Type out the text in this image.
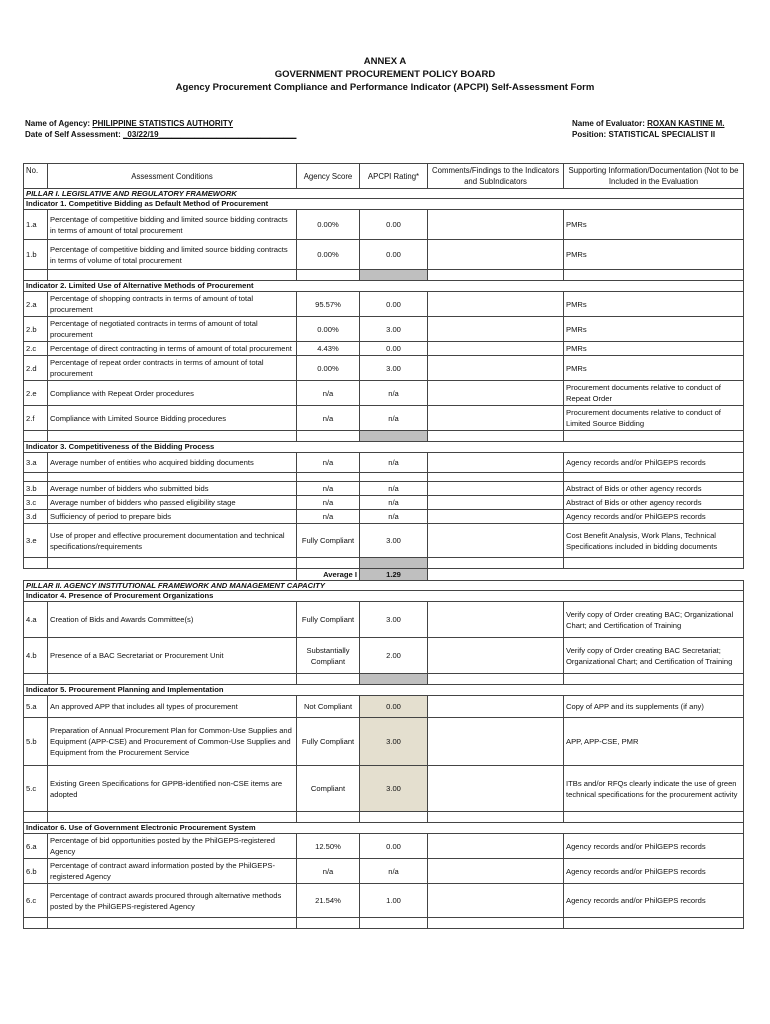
ANNEX A
GOVERNMENT PROCUREMENT POLICY BOARD
Agency Procurement Compliance and Performance Indicator (APCPI) Self-Assessment Form
Name of Agency: PHILIPPINE STATISTICS AUTHORITY
Date of Self Assessment: _03/22/19_______________________________
Name of Evaluator: ROXAN KASTINE M.
Position: STATISTICAL SPECIALIST II
No.	Assessment Conditions	Agency Score	APCPI Rating*	Comments/Findings to the Indicators and SubIndicators	Supporting Information/Documentation (Not to be Included in the Evaluation
PILLAR I. LEGISLATIVE AND REGULATORY FRAMEWORK					
Indicator 1. Competitive Bidding as Default Method of Procurement					
1.a	Percentage of competitive bidding and limited source bidding contracts in terms of amount of total procurement	0.00%	0.00		PMRs
1.b	Percentage of competitive bidding and limited source bidding contracts in terms of volume of total procurement	0.00%	0.00		PMRs

Indicator 2. Limited Use of Alternative Methods of Procurement					
2.a	Percentage of shopping contracts in terms of amount of total procurement	95.57%	0.00		PMRs
2.b	Percentage of negotiated contracts in terms of amount of total procurement	0.00%	3.00		PMRs
2.c	Percentage of direct contracting in terms of amount of total procurement	4.43%	0.00		PMRs
2.d	Percentage of repeat order contracts in terms of amount of total procurement	0.00%	3.00		PMRs
2.e	Compliance with Repeat Order procedures	n/a	n/a		Procurement documents relative to conduct of Repeat Order
2.f	Compliance with Limited Source Bidding procedures	n/a	n/a		Procurement documents relative to conduct of Limited Source Bidding

Indicator 3. Competitiveness of the Bidding Process					
3.a	Average number of entities who acquired bidding documents	n/a	n/a		Agency records and/or PhilGEPS records

3.b	Average number of bidders who submitted bids	n/a	n/a		Abstract of Bids or other agency records
3.c	Average number of bidders who passed eligibility stage	n/a	n/a		Abstract of Bids or other agency records
3.d	Sufficiency of period to prepare bids	n/a	n/a		Agency records and/or PhilGEPS records
3.e	Use of proper and effective procurement documentation and technical specifications/requirements	Fully Compliant	3.00		Cost Benefit Analysis, Work Plans, Technical Specifications included in bidding documents

		Average I	1.29		
PILLAR II. AGENCY INSTITUTIONAL FRAMEWORK AND MANAGEMENT CAPACITY					
Indicator 4. Presence of Procurement Organizations					
4.a	Creation of Bids and Awards Committee(s)	Fully Compliant	3.00		Verify copy of Order creating BAC; Organizational Chart; and Certification of Training
4.b	Presence of a BAC Secretariat or Procurement Unit	Substantially Compliant	2.00		Verify copy of Order creating BAC Secretariat; Organizational Chart; and Certification of Training

Indicator 5. Procurement Planning and Implementation					
5.a	An approved APP that includes all types of procurement	Not Compliant	0.00		Copy of APP and its supplements (if any)
5.b	Preparation of Annual Procurement Plan for Common-Use Supplies and Equipment (APP-CSE) and Procurement of Common-Use Supplies and Equipment from the Procurement Service	Fully Compliant	3.00		APP, APP-CSE, PMR
5.c	Existing Green Specifications for GPPB-identified non-CSE items are adopted	Compliant	3.00		ITBs and/or RFQs clearly indicate the use of green technical specifications for the procurement activity

Indicator 6. Use of Government Electronic Procurement System					
6.a	Percentage of bid opportunities posted by the PhilGEPS-registered Agency	12.50%	0.00		Agency records and/or PhilGEPS records
6.b	Percentage of contract award information posted by the PhilGEPS-registered Agency	n/a	n/a		Agency records and/or PhilGEPS records
6.c	Percentage of contract awards procured through alternative methods posted by the PhilGEPS-registered Agency	21.54%	1.00		Agency records and/or PhilGEPS records
